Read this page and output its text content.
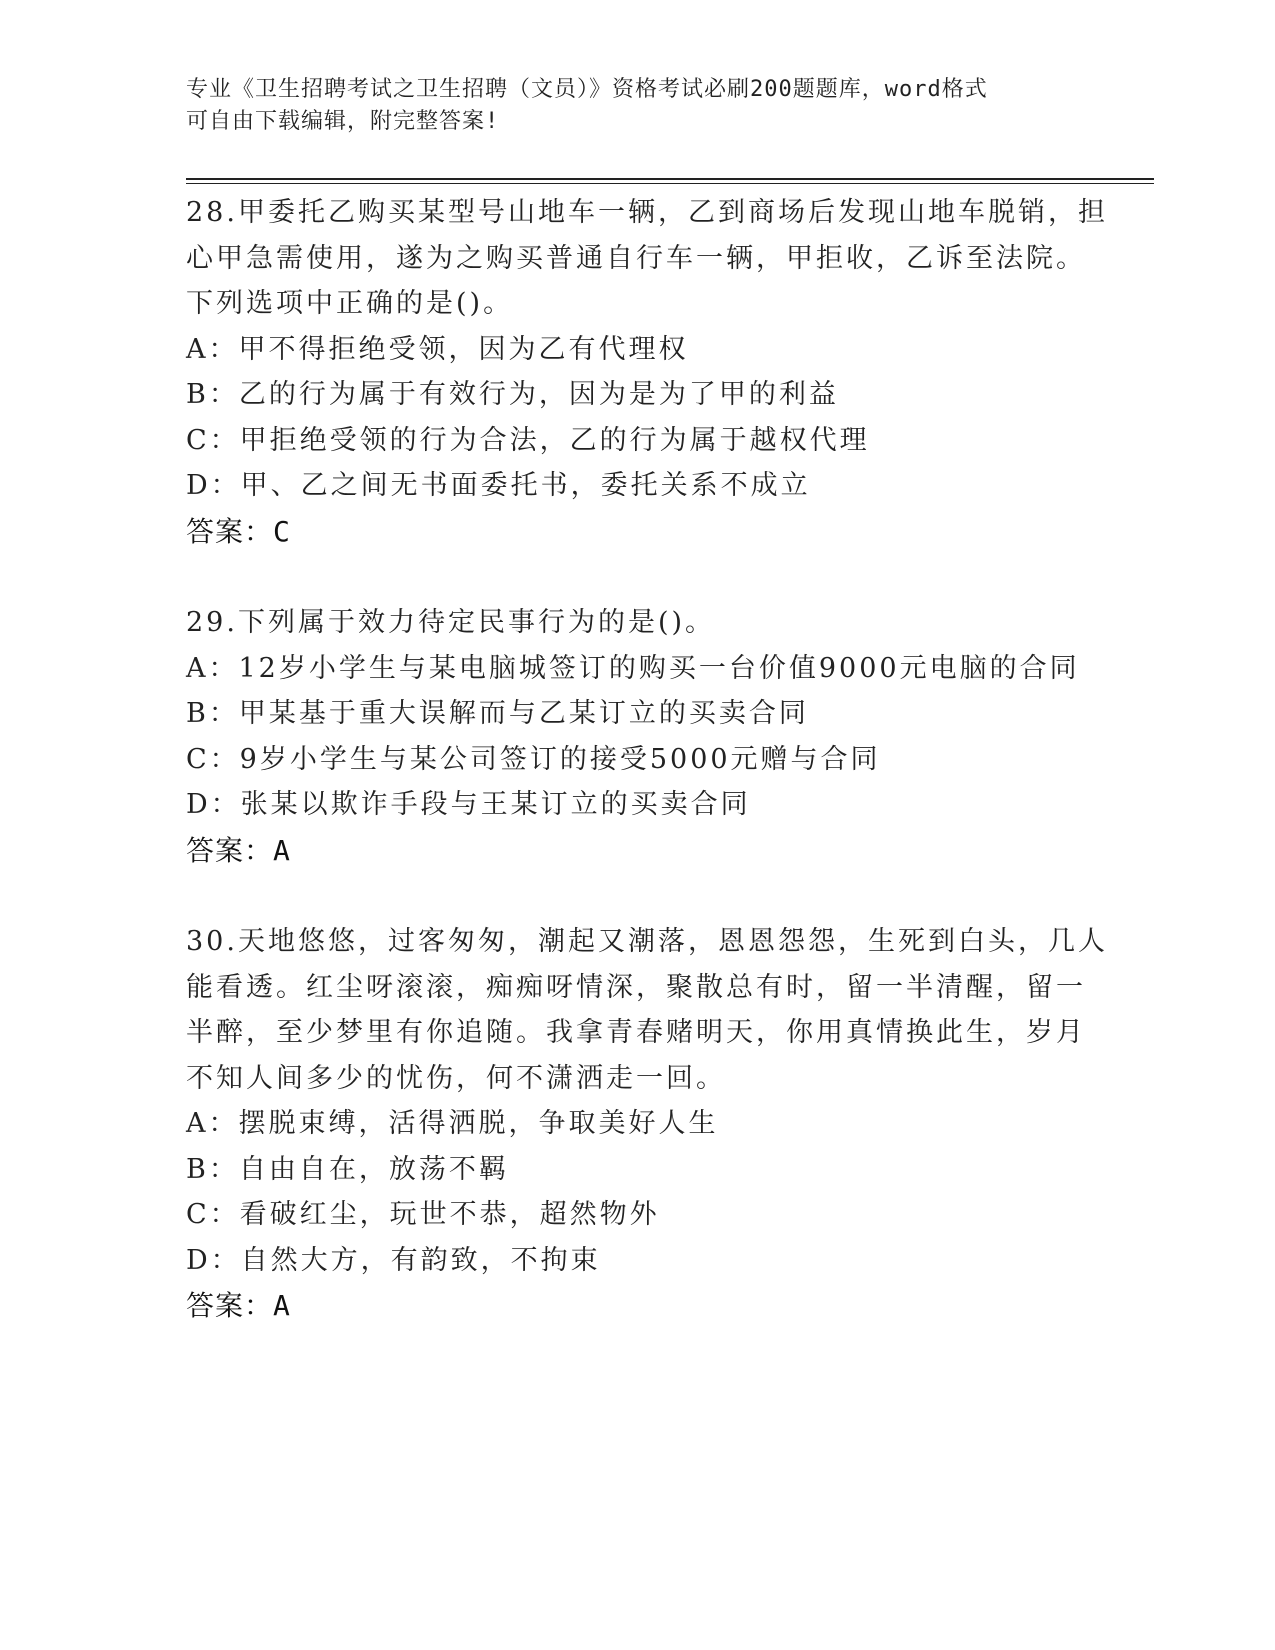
专业《卫生招聘考试之卫生招聘（文员）》资格考试必刷200题题库，word格式
可自由下载编辑，附完整答案!
28.甲委托乙购买某型号山地车一辆，乙到商场后发现山地车脱销，担
心甲急需使用，遂为之购买普通自行车一辆，甲拒收，乙诉至法院。
下列选项中正确的是()。
A：甲不得拒绝受领，因为乙有代理权
B：乙的行为属于有效行为，因为是为了甲的利益
C：甲拒绝受领的行为合法，乙的行为属于越权代理
D：甲、乙之间无书面委托书，委托关系不成立
答案：C
29.下列属于效力待定民事行为的是()。
A：12岁小学生与某电脑城签订的购买一台价值9000元电脑的合同
B：甲某基于重大误解而与乙某订立的买卖合同
C：9岁小学生与某公司签订的接受5000元赠与合同
D：张某以欺诈手段与王某订立的买卖合同
答案：A
30.天地悠悠，过客匆匆，潮起又潮落，恩恩怨怨，生死到白头，几人
能看透。红尘呀滚滚，痴痴呀情深，聚散总有时，留一半清醒，留一
半醉，至少梦里有你追随。我拿青春赌明天，你用真情换此生，岁月
不知人间多少的忧伤，何不潇洒走一回。
A：摆脱束缚，活得洒脱，争取美好人生
B：自由自在，放荡不羁
C：看破红尘，玩世不恭，超然物外
D：自然大方，有韵致，不拘束
答案：A
